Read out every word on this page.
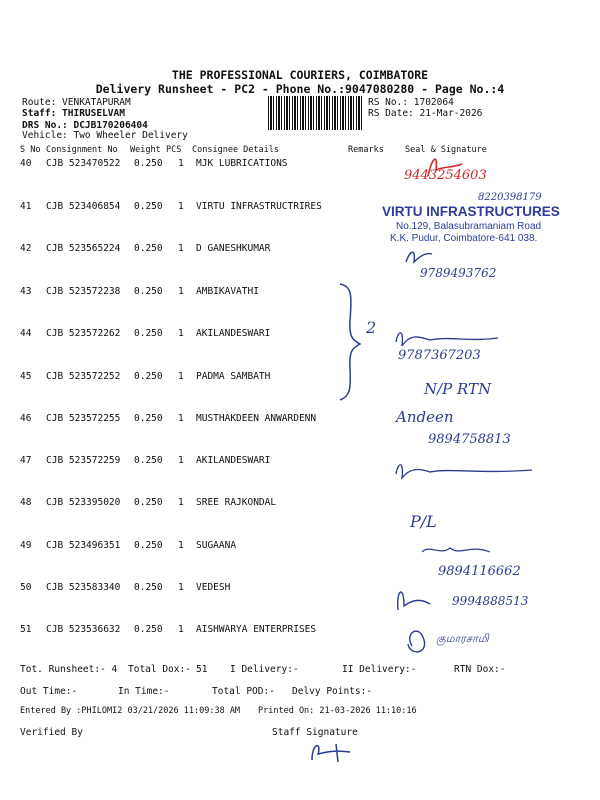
THE PROFESSIONAL COURIERS, COIMBATORE
Delivery Runsheet - PC2 - Phone No.:9047080280 - Page No.:4
Route: VENKATAPURAM
Staff: THIRUSELVAM
DRS No.: DCJB170206404
Vehicle: Two Wheeler Delivery
RS No.: 1702064
RS Date: 21-Mar-2026
S No Consignment No Weight PCS Consignee Details	Remarks Seal & Signature
40 CJB 523470522 0.250 1 MJK LUBRICATIONS
41 CJB 523406854 0.250 1 VIRTU INFRASTRUCTRIRES
42 CJB 523565224 0.250 1 D GANESHKUMAR
43 CJB 523572238 0.250 1 AMBIKAVATHI
44 CJB 523572262 0.250 1 AKILANDESWARI
45 CJB 523572252 0.250 1 PADMA SAMBATH
46 CJB 523572255 0.250 1 MUSTHAKDEEN ANWARDENN
47 CJB 523572259 0.250 1 AKILANDESWARI
48 CJB 523395020 0.250 1 SREE RAJKONDAL
49 CJB 523496351 0.250 1 SUGAANA
50 CJB 523583340 0.250 1 VEDESH
51 CJB 523536632 0.250 1 AISHWARYA ENTERPRISES
9443254603
8220398179
VIRTU INFRASTRUCTURES
No.129, Balasubramaniam Road
K.K. Pudur, Coimbatore-641 038.
9789493762
2
9787367203
N/P RTN
Andeen
9894758813
P/L
9894116662
9994888513
குமாரசாமி
Tot. Runsheet:- 4 Total Dox:- 51 I Delivery:-	II Delivery:-	RTN Dox:-
Out Time:-	In Time:-	Total POD:- Delvy Points:-
Entered By :PHILOMI2 03/21/2026 11:09:38 AM Printed On: 21-03-2026 11:10:16
Verified By	Staff Signature
